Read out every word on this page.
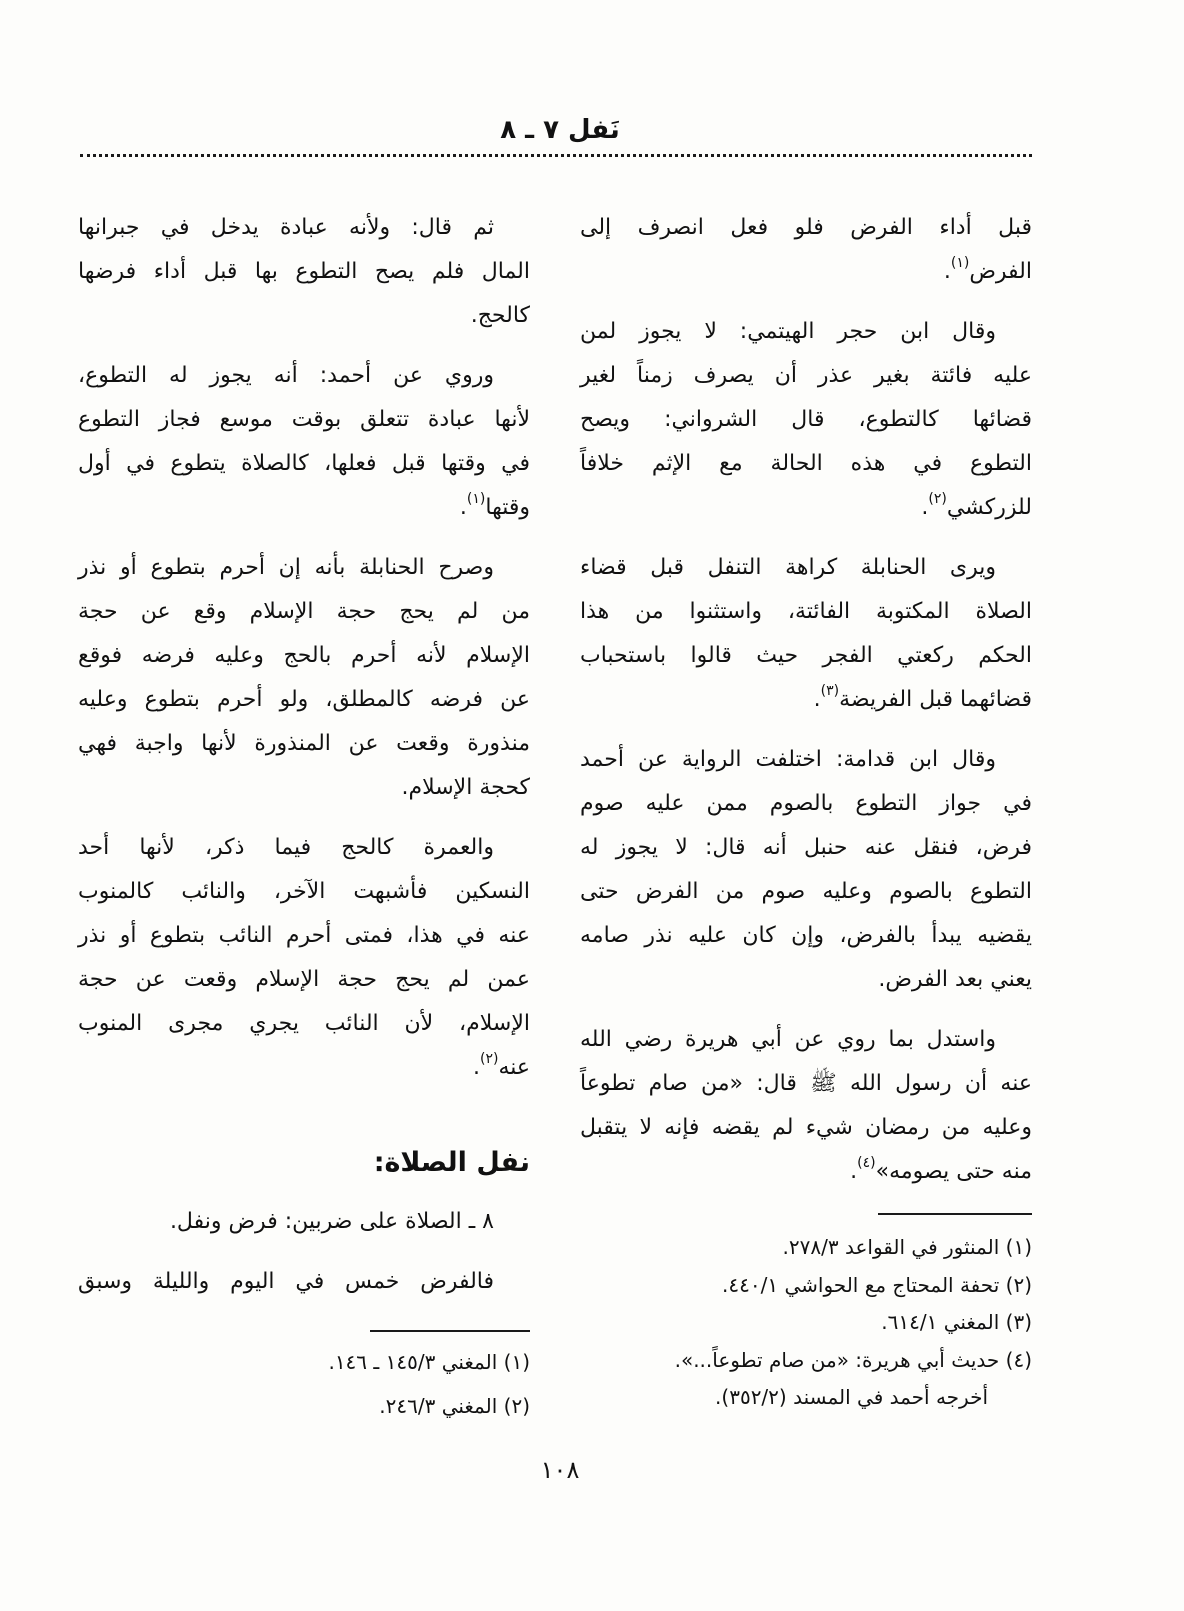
نَفل ٧ ـ ٨
قبل أداء الفرض فلو فعل انصرف إلى
الفرض$^{(١)}$.
وقال ابن حجر الهيتمي: لا يجوز لمن
عليه فائتة بغير عذر أن يصرف زمناً لغير
قضائها كالتطوع، قال الشرواني: ويصح
التطوع في هذه الحالة مع الإثم خلافاً
للزركشي$^{(٢)}$.
ويرى الحنابلة كراهة التنفل قبل قضاء
الصلاة المكتوبة الفائتة، واستثنوا من هذا
الحكم ركعتي الفجر حيث قالوا باستحباب
قضائهما قبل الفريضة$^{(٣)}$.
وقال ابن قدامة: اختلفت الرواية عن أحمد
في جواز التطوع بالصوم ممن عليه صوم
فرض، فنقل عنه حنبل أنه قال: لا يجوز له
التطوع بالصوم وعليه صوم من الفرض حتى
يقضيه يبدأ بالفرض، وإن كان عليه نذر صامه
يعني بعد الفرض.
واستدل بما روي عن أبي هريرة رضي الله
عنه أن رسول الله ﷺ قال: «من صام تطوعاً
وعليه من رمضان شيء لم يقضه فإنه لا يتقبل
منه حتى يصومه»$^{(٤)}$.
(١) المنثور في القواعد ٢٧٨/٣.
(٢) تحفة المحتاج مع الحواشي ٤٤٠/١.
(٣) المغني ٦١٤/١.
(٤) حديث أبي هريرة: «من صام تطوعاً...».
أخرجه أحمد في المسند (٣٥٢/٢).
ثم قال: ولأنه عبادة يدخل في جبرانها
المال فلم يصح التطوع بها قبل أداء فرضها
كالحج.
وروي عن أحمد: أنه يجوز له التطوع،
لأنها عبادة تتعلق بوقت موسع فجاز التطوع
في وقتها قبل فعلها، كالصلاة يتطوع في أول
وقتها$^{(١)}$.
وصرح الحنابلة بأنه إن أحرم بتطوع أو نذر
من لم يحج حجة الإسلام وقع عن حجة
الإسلام لأنه أحرم بالحج وعليه فرضه فوقع
عن فرضه كالمطلق، ولو أحرم بتطوع وعليه
منذورة وقعت عن المنذورة لأنها واجبة فهي
كحجة الإسلام.
والعمرة كالحج فيما ذكر، لأنها أحد
النسكين فأشبهت الآخر، والنائب كالمنوب
عنه في هذا، فمتى أحرم النائب بتطوع أو نذر
عمن لم يحج حجة الإسلام وقعت عن حجة
الإسلام، لأن النائب يجري مجرى المنوب
عنه$^{(٢)}$.
نفل الصلاة:
٨ ـ الصلاة على ضربين: فرض ونفل.
فالفرض خمس في اليوم والليلة وسبق
(١) المغني ١٤٥/٣ ـ ١٤٦.
(٢) المغني ٢٤٦/٣.
١٠٨
